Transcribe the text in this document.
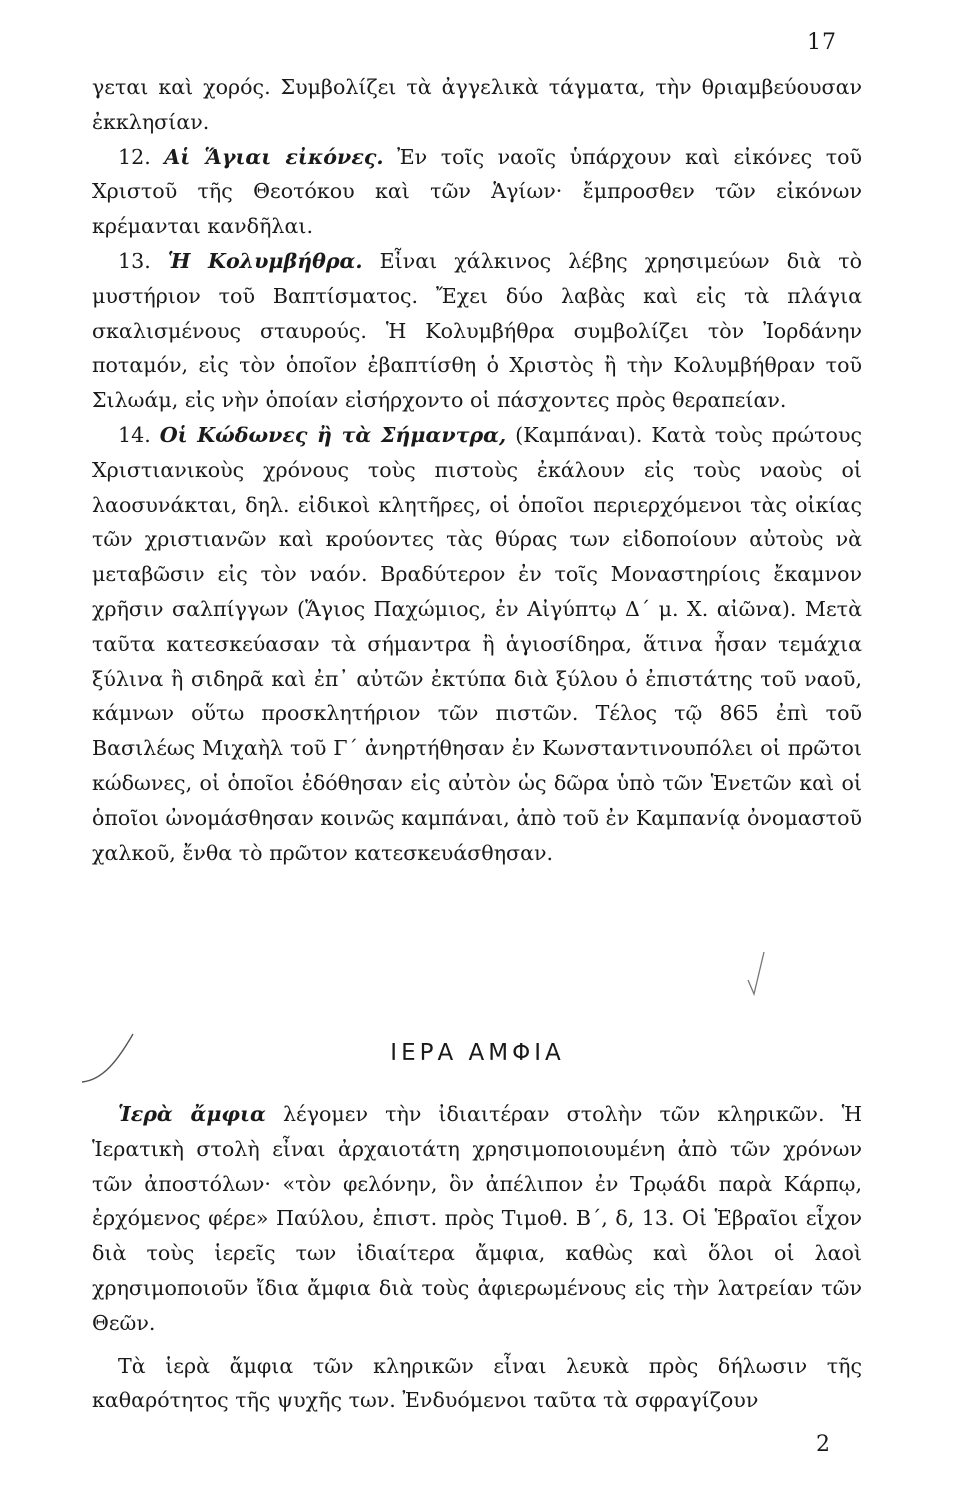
17

γεται καὶ χορός. Συμβολίζει τὰ ἀγγελικὰ τάγματα, τὴν θριαμβεύουσαν ἐκκλησίαν.

12. Αἱ Ἅγιαι εἰκόνες. Ἐν τοῖς ναοῖς ὑπάρχουν καὶ εἰκόνες τοῦ Χριστοῦ τῆς Θεοτόκου καὶ τῶν Ἁγίων· ἔμπροσθεν τῶν εἰκόνων κρέμανται κανδῆλαι.

13. Ἡ Κολυμβήθρα. Εἶναι χάλκινος λέβης χρησιμεύων διὰ τὸ μυστήριον τοῦ Βαπτίσματος. Ἔχει δύο λαβὰς καὶ εἰς τὰ πλάγια σκαλισμένους σταυρούς. Ἡ Κολυμβήθρα συμβολίζει τὸν Ἰορδάνην ποταμόν, εἰς τὸν ὁποῖον ἐβαπτίσθη ὁ Χριστὸς ἢ τὴν Κολυμβήθραν τοῦ Σιλωάμ, εἰς νὴν ὁποίαν εἰσήρχοντο οἱ πάσχοντες πρὸς θεραπείαν.

14. Οἱ Κώδωνες ἢ τὰ Σήμαντρα, (Καμπάναι). Κατὰ τοὺς πρώτους Χριστιανικοὺς χρόνους τοὺς πιστοὺς ἐκάλουν εἰς τοὺς ναοὺς οἱ λαοσυνάκται, δηλ. εἰδικοὶ κλητῆρες, οἱ ὁποῖοι περιερχόμενοι τὰς οἰκίας τῶν χριστιανῶν καὶ κρούοντες τὰς θύρας των εἰδοποίουν αὐτοὺς νὰ μεταβῶσιν εἰς τὸν ναόν. Βραδύτερον ἐν τοῖς Μοναστηρίοις ἔκαμνον χρῆσιν σαλπίγγων (Ἅγιος Παχώμιος, ἐν Αἰγύπτῳ Δ΄ μ. Χ. αἰῶνα). Μετὰ ταῦτα κατεσκεύασαν τὰ σήμαντρα ἢ ἁγιοσίδηρα, ἅτινα ἦσαν τεμάχια ξύλινα ἢ σιδηρᾶ καὶ ἐπ᾽ αὐτῶν ἐκτύπα διὰ ξύλου ὁ ἐπιστάτης τοῦ ναοῦ, κάμνων οὕτω προσκλητήριον τῶν πιστῶν. Τέλος τῷ 865 ἐπὶ τοῦ Βασιλέως Μιχαὴλ τοῦ Γ΄ ἀνηρτήθησαν ἐν Κωνσταντινουπόλει οἱ πρῶτοι κώδωνες, οἱ ὁποῖοι ἐδόθησαν εἰς αὐτὸν ὡς δῶρα ὑπὸ τῶν Ἑνετῶν καὶ οἱ ὁποῖοι ὠνομάσθησαν κοινῶς καμπάναι, ἀπὸ τοῦ ἐν Καμπανίᾳ ὀνομαστοῦ χαλκοῦ, ἔνθα τὸ πρῶτον κατεσκευάσθησαν.

ΙΕΡΑ ΑΜΦΙΑ

Ἱερὰ ἄμφια λέγομεν τὴν ἰδιαιτέραν στολὴν τῶν κληρικῶν. Ἡ Ἱερατικὴ στολὴ εἶναι ἀρχαιοτάτη χρησιμοποιουμένη ἀπὸ τῶν χρόνων τῶν ἀποστόλων· «τὸν φελόνην, ὃν ἀπέλιπον ἐν Τρῳάδι παρὰ Κάρπῳ, ἐρχόμενος φέρε» Παύλου, ἐπιστ. πρὸς Τιμοθ. Β΄, δ, 13. Οἱ Ἑβραῖοι εἶχον διὰ τοὺς ἱερεῖς των ἰδιαίτερα ἄμφια, καθὼς καὶ ὅλοι οἱ λαοὶ χρησιμοποιοῦν ἴδια ἄμφια διὰ τοὺς ἀφιερωμένους εἰς τὴν λατρείαν τῶν Θεῶν.

Τὰ ἱερὰ ἄμφια τῶν κληρικῶν εἶναι λευκὰ πρὸς δήλωσιν τῆς καθαρότητος τῆς ψυχῆς των. Ἐνδυόμενοι ταῦτα τὰ σφραγίζουν

2
